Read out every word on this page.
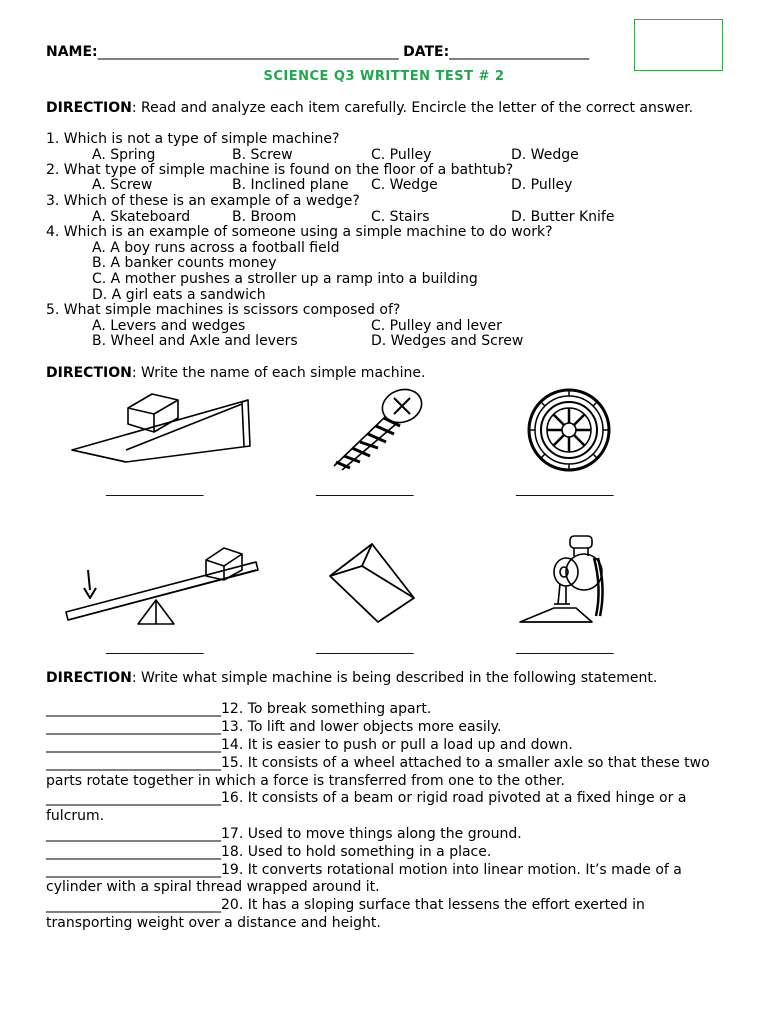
NAME:___________________________________________ DATE:____________________
SCIENCE Q3 WRITTEN TEST # 2
DIRECTION: Read and analyze each item carefully. Encircle the letter of the correct answer.
1. Which is not a type of simple machine?
A. Spring	B. Screw	C. Pulley	D. Wedge
2. What type of simple machine is found on the floor of a bathtub?
A. Screw	B. Inclined plane C. Wedge	D. Pulley
3. Which of these is an example of a wedge?
A. Skateboard	B. Broom	C. Stairs	D. Butter Knife
4. Which is an example of someone using a simple machine to do work?
A. A boy runs across a football field
B. A banker counts money
C. A mother pushes a stroller up a ramp into a building
D. A girl eats a sandwich
5. What simple machines is scissors composed of?
A. Levers and wedges
B. Wheel and Axle and levers
C. Pulley and lever
D. Wedges and Screw
DIRECTION: Write the name of each simple machine.
_______________	_______________	_______________
_______________	_______________	_______________
DIRECTION: Write what simple machine is being described in the following statement.
_________________________12. To break something apart.
_________________________13. To lift and lower objects more easily.
_________________________14. It is easier to push or pull a load up and down.
_________________________15. It consists of a wheel attached to a smaller axle so that these two
parts rotate together in which a force is transferred from one to the other.
_________________________16. It consists of a beam or rigid road pivoted at a fixed hinge or a
fulcrum.
_________________________17. Used to move things along the ground.
_________________________18. Used to hold something in a place.
_________________________19. It converts rotational motion into linear motion. It’s made of a
cylinder with a spiral thread wrapped around it.
_________________________20. It has a sloping surface that lessens the effort exerted in
transporting weight over a distance and height.
